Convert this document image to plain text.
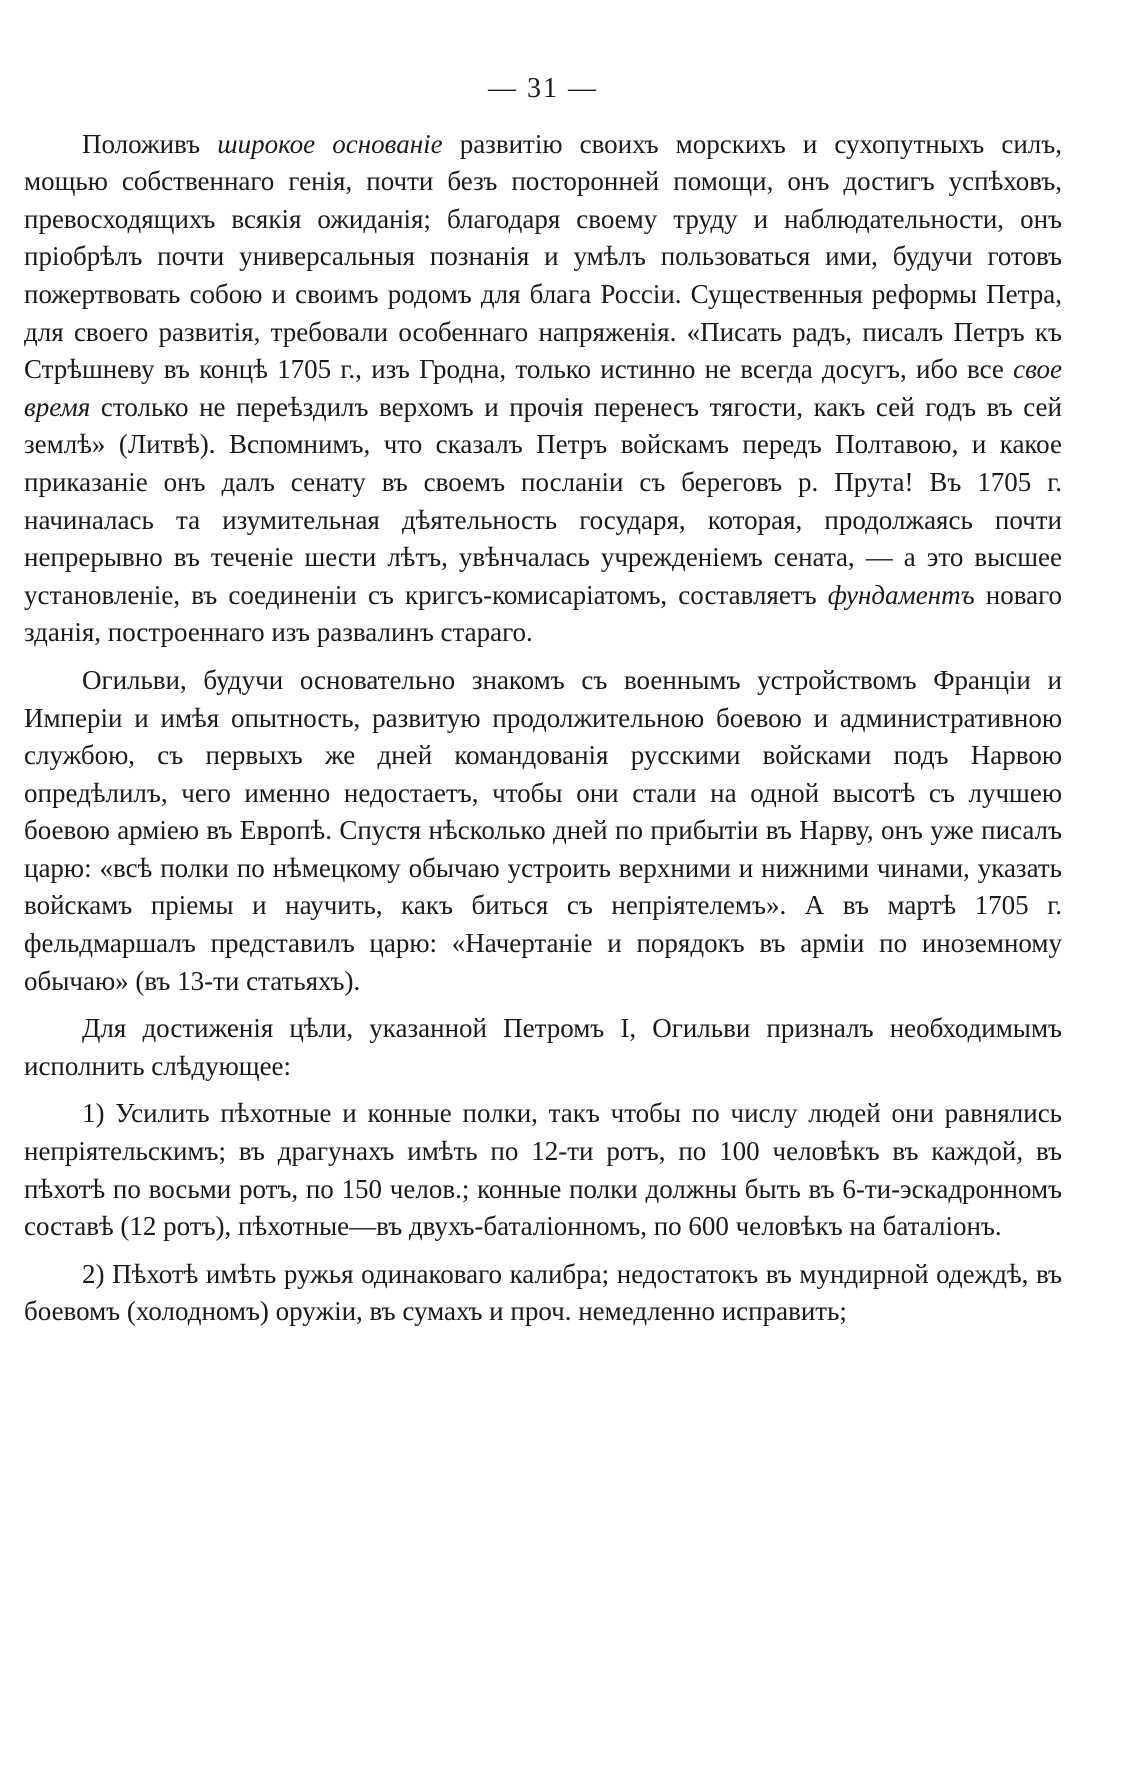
— 31 —

Положивъ широкое основаніе развитію своихъ морскихъ и сухопутныхъ силъ, мощью собственнаго генія, почти безъ посторонней помощи, онъ достигъ успѣховъ, превосходящихъ всякія ожиданія; благодаря своему труду и наблюдательности, онъ пріобрѣлъ почти универсальныя познанія и умѣлъ пользоваться ими, будучи готовъ пожертвовать собою и своимъ родомъ для блага Россіи. Существенныя реформы Петра, для своего развитія, требовали особеннаго напряженія. «Писать радъ, писалъ Петръ къ Стрѣшневу въ концѣ 1705 г., изъ Гродна, только истинно не всегда досугъ, ибо все свое время столько не переѣздилъ верхомъ и прочія перенесъ тягости, какъ сей годъ въ сей землѣ» (Литвѣ). Вспомнимъ, что сказалъ Петръ войскамъ передъ Полтавою, и какое приказаніе онъ далъ сенату въ своемъ посланіи съ береговъ р. Прута! Въ 1705 г. начиналась та изумительная дѣятельность государя, которая, продолжаясь почти непрерывно въ теченіе шести лѣтъ, увѣнчалась учрежденіемъ сената, — а это высшее установленіе, въ соединеніи съ кригсъ-комисаріатомъ, составляетъ фундаментъ новаго зданія, построеннаго изъ развалинъ стараго.

Огильви, будучи основательно знакомъ съ военнымъ устройствомъ Франціи и Имперіи и имѣя опытность, развитую продолжительною боевою и административною службою, съ первыхъ же дней командованія русскими войсками подъ Нарвою опредѣлилъ, чего именно недостаетъ, чтобы они стали на одной высотѣ съ лучшею боевою арміею въ Европѣ. Спустя нѣсколько дней по прибытіи въ Нарву, онъ уже писалъ царю: «всѣ полки по нѣмецкому обычаю устроить верхними и нижними чинами, указать войскамъ пріемы и научить, какъ биться съ непріятелемъ». А въ мартѣ 1705 г. фельдмаршалъ представилъ царю: «Начертаніе и порядокъ въ арміи по иноземному обычаю» (въ 13-ти статьяхъ).

Для достиженія цѣли, указанной Петромъ I, Огильви призналъ необходимымъ исполнить слѣдующее:

1) Усилить пѣхотные и конные полки, такъ чтобы по числу людей они равнялись непріятельскимъ; въ драгунахъ имѣть по 12-ти ротъ, по 100 человѣкъ въ каждой, въ пѣхотѣ по восьми ротъ, по 150 челов.; конные полки должны быть въ 6-ти-эскадронномъ составѣ (12 ротъ), пѣхотные—въ двухъ-баталіонномъ, по 600 человѣкъ на баталіонъ.

2) Пѣхотѣ имѣть ружья одинаковаго калибра; недостатокъ въ мундирной одеждѣ, въ боевомъ (холодномъ) оружіи, въ сумахъ и проч. немедленно исправить;
